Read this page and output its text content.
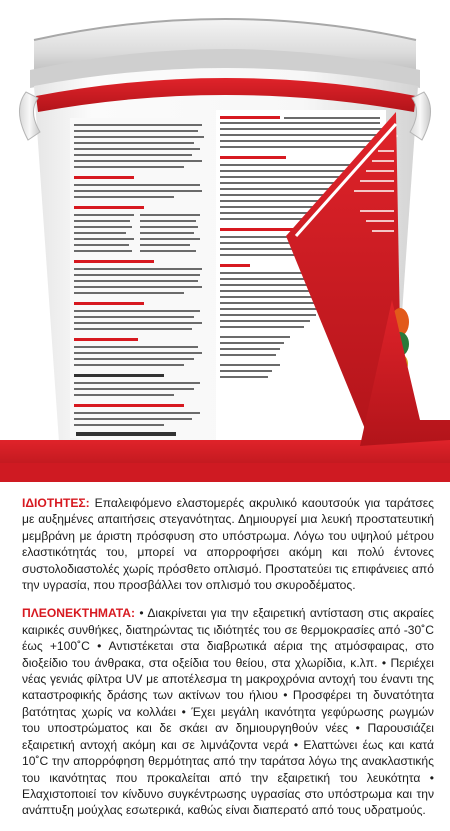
ΙΔΙΟΤΗΤΕΣ: Επαλειφόμενο ελαστομερές ακρυλικό καουτσούκ για ταράτσες με αυξημένες απαιτήσεις στεγανότητας. Δημιουργεί μια λευκή προστατευτική μεμβράνη με άριστη πρόσφυση στο υπόστρωμα. Λόγω του υψηλού μέτρου ελαστικότητάς του, μπορεί να απορροφήσει ακόμη και πολύ έντονες συστολοδιαστολές χωρίς πρόσθετο οπλισμό. Προστατεύει τις επιφάνειες από την υγρασία, που προσβάλλει τον οπλισμό του σκυροδέματος.

ΠΛΕΟΝΕΚΤΗΜΑΤΑ: • Διακρίνεται για την εξαιρετική αντίσταση στις ακραίες καιρικές συνθήκες, διατηρώντας τις ιδιότητές του σε θερμοκρασίες από -30˚C έως +100˚C • Αντιστέκεται στα διαβρωτικά αέρια της ατμόσφαιρας, στο διοξείδιο του άνθρακα, στα οξείδια του θείου, στα χλωρίδια, κ.λπ. • Περιέχει νέας γενιάς φίλτρα UV με αποτέλεσμα τη μακροχρόνια αντοχή του έναντι της καταστροφικής δράσης των ακτίνων του ήλιου • Προσφέρει τη δυνατότητα βατότητας χωρίς να κολλάει • Έχει μεγάλη ικανότητα γεφύρωσης ρωγμών του υποστρώματος και δε σκάει αν δημιουργηθούν νέες • Παρουσιάζει εξαιρετική αντοχή ακόμη και σε λιμνάζοντα νερά • Ελαττώνει έως και κατά 10˚C την απορρόφηση θερμότητας από την ταράτσα λόγω της ανακλαστικής του ικανότητας που προκαλείται από την εξαιρετική του λευκότητα • Ελαχιστοποιεί τον κίνδυνο συγκέντρωσης υγρασίας στο υπόστρωμα και την ανάπτυξη μούχλας εσωτερικά, καθώς είναι διαπερατό από τους υδρατμούς.
